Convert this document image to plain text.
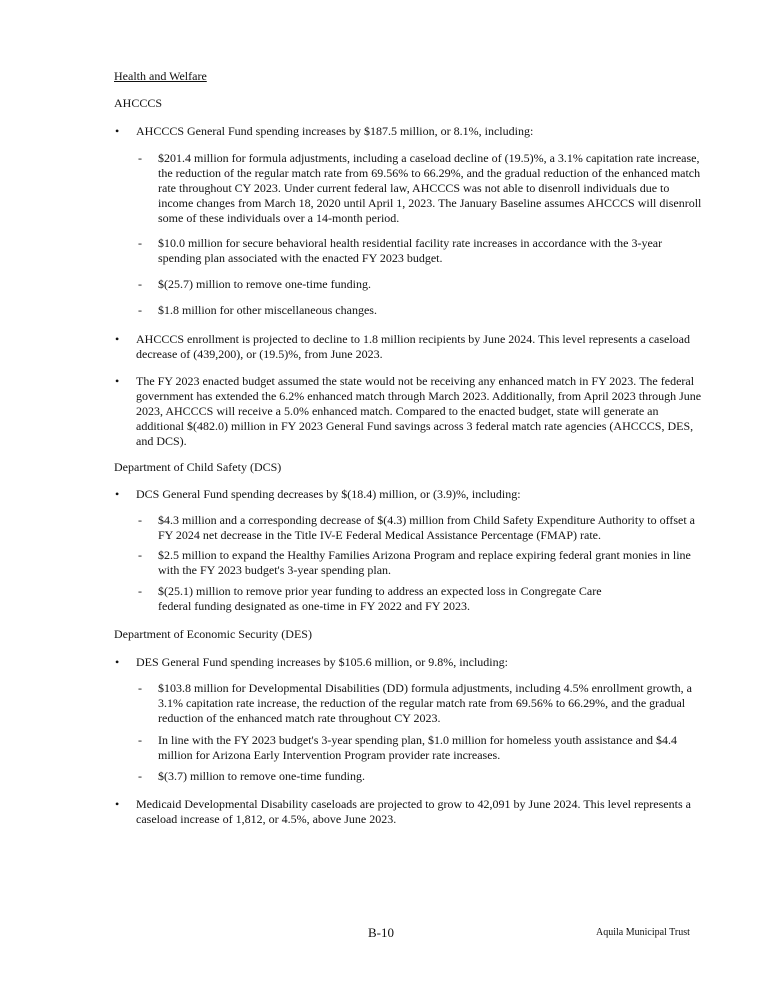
Health and Welfare
AHCCCS
•	AHCCCS General Fund spending increases by $187.5 million, or 8.1%, including:
-	$201.4 million for formula adjustments, including a caseload decline of (19.5)%, a 3.1% capitation rate increase, the reduction of the regular match rate from 69.56% to 66.29%, and the gradual reduction of the enhanced match rate throughout CY 2023. Under current federal law, AHCCCS was not able to disenroll individuals due to income changes from March 18, 2020 until April 1, 2023. The January Baseline assumes AHCCCS will disenroll some of these individuals over a 14-month period.
-	$10.0 million for secure behavioral health residential facility rate increases in accordance with the 3-year spending plan associated with the enacted FY 2023 budget.
-	$(25.7) million to remove one-time funding.
-	$1.8 million for other miscellaneous changes.
•	AHCCCS enrollment is projected to decline to 1.8 million recipients by June 2024. This level represents a caseload decrease of (439,200), or (19.5)%, from June 2023.
•	The FY 2023 enacted budget assumed the state would not be receiving any enhanced match in FY 2023. The federal government has extended the 6.2% enhanced match through March 2023. Additionally, from April 2023 through June 2023, AHCCCS will receive a 5.0% enhanced match. Compared to the enacted budget, state will generate an additional $(482.0) million in FY 2023 General Fund savings across 3 federal match rate agencies (AHCCCS, DES, and DCS).
Department of Child Safety (DCS)
•	DCS General Fund spending decreases by $(18.4) million, or (3.9)%, including:
-	$4.3 million and a corresponding decrease of $(4.3) million from Child Safety Expenditure Authority to offset a FY 2024 net decrease in the Title IV-E Federal Medical Assistance Percentage (FMAP) rate.
-	$2.5 million to expand the Healthy Families Arizona Program and replace expiring federal grant monies in line with the FY 2023 budget's 3-year spending plan.
-	$(25.1) million to remove prior year funding to address an expected loss in Congregate Care
federal funding designated as one-time in FY 2022 and FY 2023.
Department of Economic Security (DES)
•	DES General Fund spending increases by $105.6 million, or 9.8%, including:
-	$103.8 million for Developmental Disabilities (DD) formula adjustments, including 4.5% enrollment growth, a 3.1% capitation rate increase, the reduction of the regular match rate from 69.56% to 66.29%, and the gradual reduction of the enhanced match rate throughout CY 2023.
-	In line with the FY 2023 budget's 3-year spending plan, $1.0 million for homeless youth assistance and $4.4 million for Arizona Early Intervention Program provider rate increases.
-	$(3.7) million to remove one-time funding.
•	Medicaid Developmental Disability caseloads are projected to grow to 42,091 by June 2024. This level represents a caseload increase of 1,812, or 4.5%, above June 2023.
B-10	Aquila Municipal Trust
